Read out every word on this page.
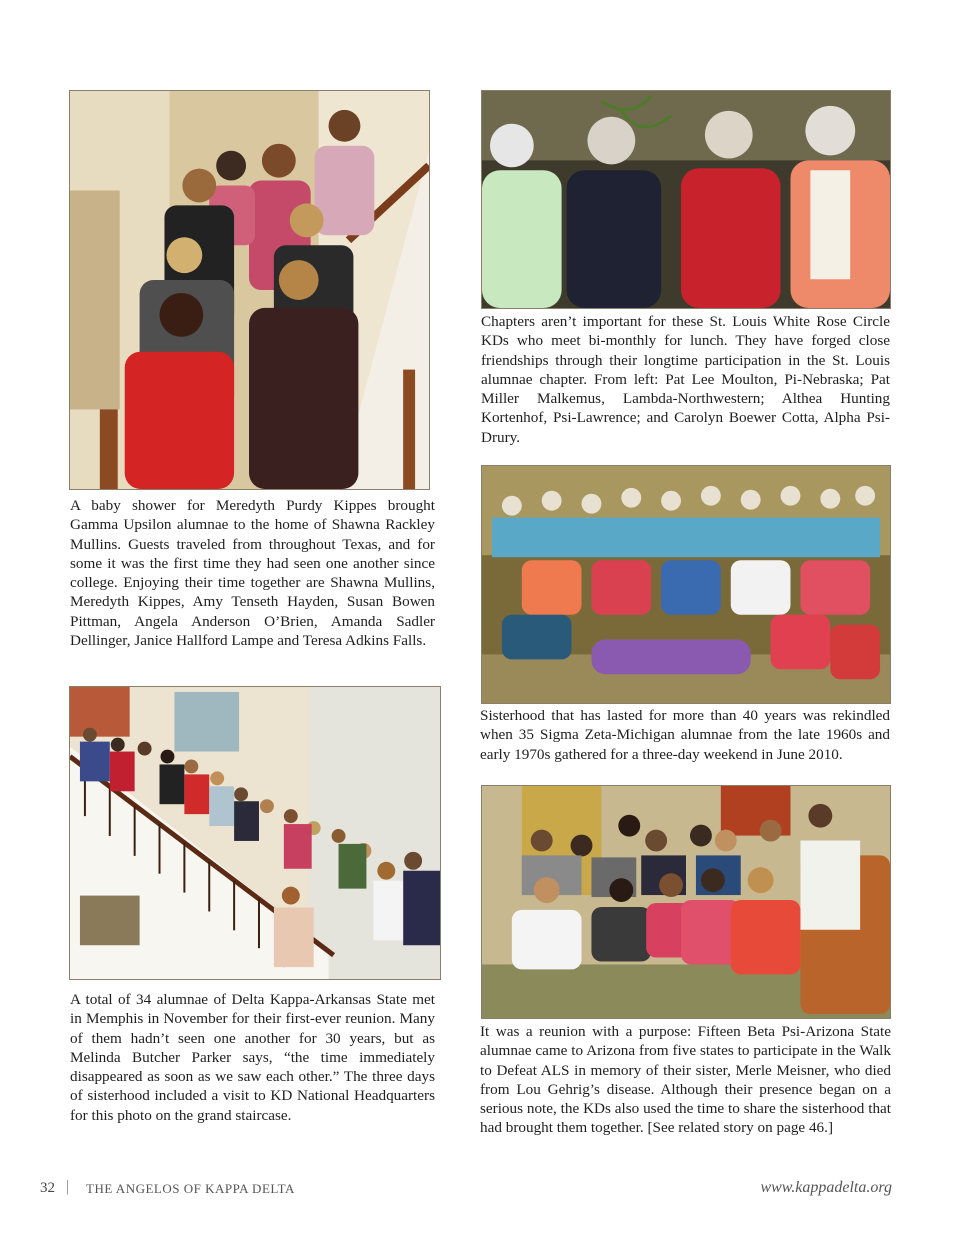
A baby shower for Meredyth Purdy Kippes brought Gamma Upsilon alumnae to the home of Shawna Rackley Mullins. Guests traveled from throughout Texas, and for some it was the first time they had seen one another since college. Enjoying their time together are Shawna Mullins, Meredyth Kippes, Amy Tenseth Hayden, Susan Bowen Pittman, Angela Anderson O’Brien, Amanda Sadler Dellinger, Janice Hallford Lampe and Teresa Adkins Falls.

Chapters aren’t important for these St. Louis White Rose Circle KDs who meet bi-monthly for lunch. They have forged close friendships through their longtime participation in the St. Louis alumnae chapter. From left: Pat Lee Moulton, Pi-Nebraska; Pat Miller Malkemus, Lambda-Northwestern; Althea Hunting Kortenhof, Psi-Lawrence; and Carolyn Boewer Cotta, Alpha Psi-Drury.

Sisterhood that has lasted for more than 40 years was rekindled when 35 Sigma Zeta-Michigan alumnae from the late 1960s and early 1970s gathered for a three-day weekend in June 2010.

A total of 34 alumnae of Delta Kappa-Arkansas State met in Memphis in November for their first-ever reunion. Many of them hadn’t seen one another for 30 years, but as Melinda Butcher Parker says, “the time immediately disappeared as soon as we saw each other.” The three days of sisterhood included a visit to KD National Headquarters for this photo on the grand staircase.

It was a reunion with a purpose: Fifteen Beta Psi-Arizona State alumnae came to Arizona from five states to participate in the Walk to Defeat ALS in memory of their sister, Merle Meisner, who died from Lou Gehrig’s disease. Although their presence began on a serious note, the KDs also used the time to share the sisterhood that had brought them together. [See related story on page 46.]

32 | THE ANGELOS OF KAPPA DELTA	www.kappadelta.org
